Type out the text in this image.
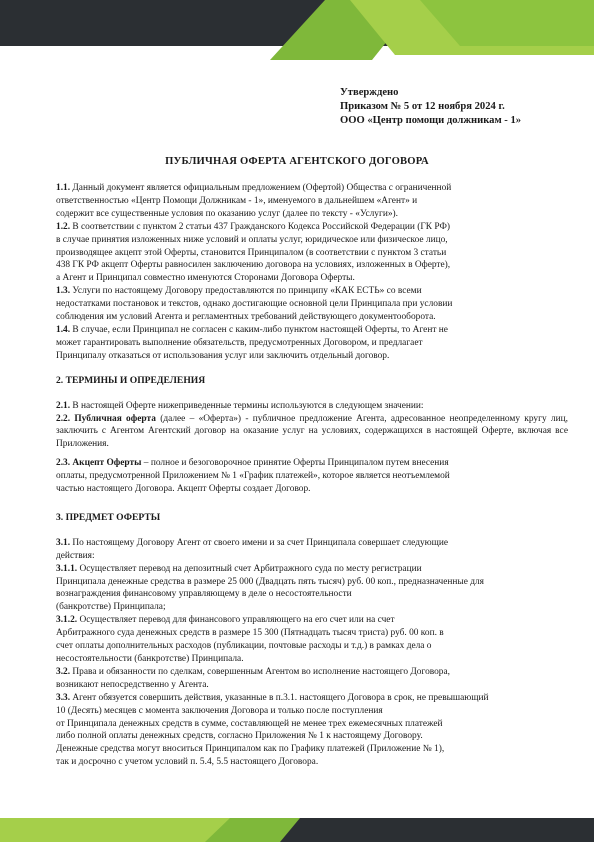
Утверждено
Приказом № 5 от 12 ноября 2024 г.
ООО «Центр помощи должникам - 1»
ПУБЛИЧНАЯ ОФЕРТА АГЕНТСКОГО ДОГОВОРА
1.1. Данный документ является официальным предложением (Офертой) Общества с ограниченной
ответственностью «Центр Помощи Должникам - 1», именуемого в дальнейшем «Агент» и
содержит все существенные условия по оказанию услуг (далее по тексту - «Услуги»).
1.2. В соответствии с пунктом 2 статьи 437 Гражданского Кодекса Российской Федерации (ГК РФ)
в случае принятия изложенных ниже условий и оплаты услуг, юридическое или физическое лицо,
производящее акцепт этой Оферты, становится Принципалом (в соответствии с пунктом 3 статьи
438 ГК РФ акцепт Оферты равносилен заключению договора на условиях, изложенных в Оферте),
а Агент и Принципал совместно именуются Сторонами Договора Оферты.
1.3. Услуги по настоящему Договору предоставляются по принципу «КАК ЕСТЬ» со всеми
недостатками постановок и текстов, однако достигающие основной цели Принципала при условии
соблюдения им условий Агента и регламентных требований действующего документооборота.
1.4. В случае, если Принципал не согласен с каким-либо пунктом настоящей Оферты, то Агент не
может гарантировать выполнение обязательств, предусмотренных Договором, и предлагает
Принципалу отказаться от использования услуг или заключить отдельный договор.
2. ТЕРМИНЫ И ОПРЕДЕЛЕНИЯ
2.1. В настоящей Оферте нижеприведенные термины используются в следующем значении:
2.2. Публичная оферта (далее – «Оферта») - публичное предложение Агента, адресованное неопределенному кругу лиц, заключить с Агентом Агентский договор на оказание услуг на условиях, содержащихся в настоящей Оферте, включая все Приложения.
2.3. Акцепт Оферты – полное и безоговорочное принятие Оферты Принципалом путем внесения
оплаты, предусмотренной Приложением № 1 «График платежей», которое является неотъемлемой
частью настоящего Договора. Акцепт Оферты создает Договор.
3. ПРЕДМЕТ ОФЕРТЫ
3.1. По настоящему Договору Агент от своего имени и за счет Принципала совершает следующие
действия:
3.1.1. Осуществляет перевод на депозитный счет Арбитражного суда по месту регистрации
Принципала денежные средства в размере 25 000 (Двадцать пять тысяч) руб. 00 коп., предназначенные для
вознаграждения финансовому управляющему в деле о несостоятельности
(банкротстве) Принципала;
3.1.2. Осуществляет перевод для финансового управляющего на его счет или на счет
Арбитражного суда денежных средств в размере 15 300 (Пятнадцать тысяч триста) руб. 00 коп. в
счет оплаты дополнительных расходов (публикации, почтовые расходы и т.д.) в рамках дела о
несостоятельности (банкротстве) Принципала.
3.2. Права и обязанности по сделкам, совершенным Агентом во исполнение настоящего Договора,
возникают непосредственно у Агента.
3.3. Агент обязуется совершить действия, указанные в п.3.1. настоящего Договора в срок, не превышающий
10 (Десять) месяцев с момента заключения Договора и только после поступления
от Принципала денежных средств в сумме, составляющей не менее трех ежемесячных платежей
либо полной оплаты денежных средств, согласно Приложения № 1 к настоящему Договору.
Денежные средства могут вноситься Принципалом как по Графику платежей (Приложение № 1),
так и досрочно с учетом условий п. 5.4, 5.5 настоящего Договора.
